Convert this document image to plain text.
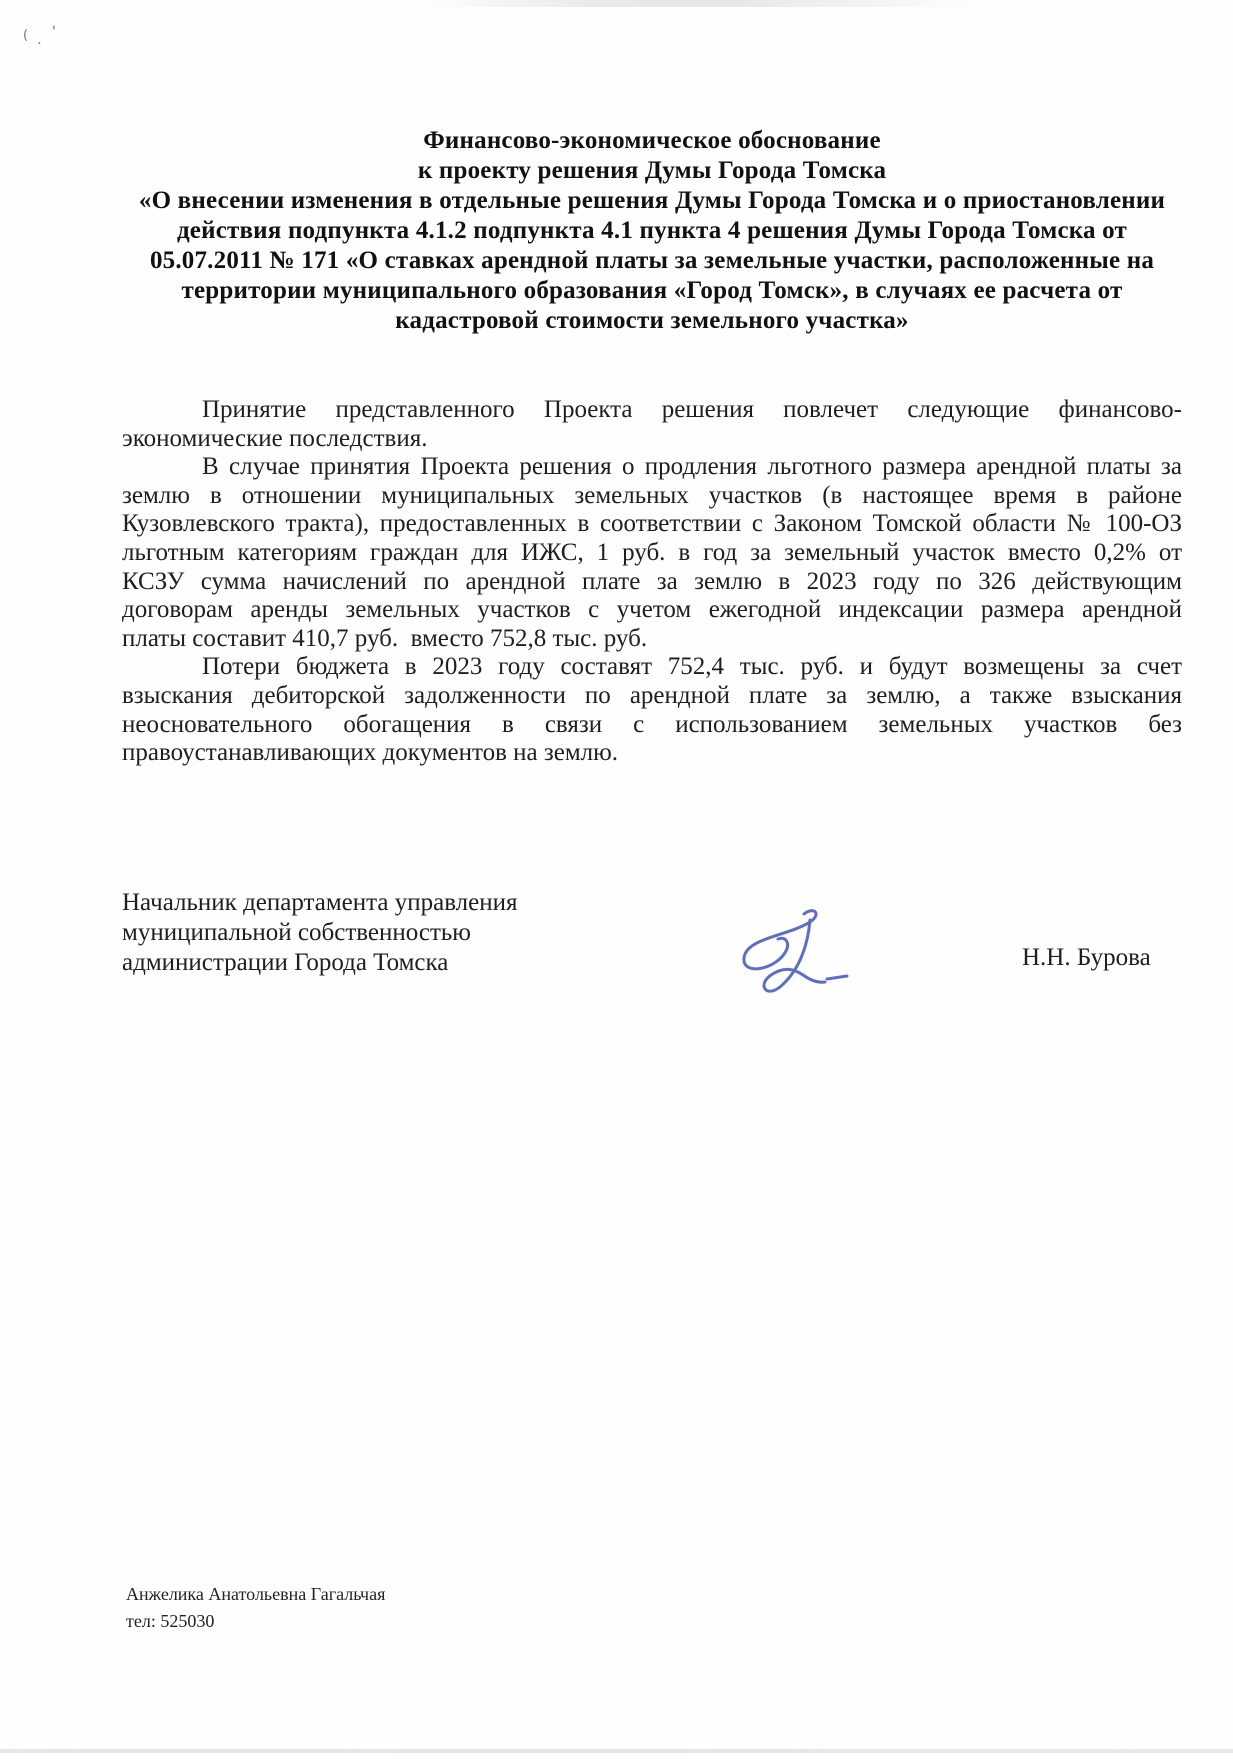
( . '
Финансово-экономическое обоснование
к проекту решения Думы Города Томска
«О внесении изменения в отдельные решения Думы Города Томска и о приостановлении
действия подпункта 4.1.2 подпункта 4.1 пункта 4 решения Думы Города Томска от
05.07.2011 № 171 «О ставках арендной платы за земельные участки, расположенные на
территории муниципального образования «Город Томск», в случаях ее расчета от
кадастровой стоимости земельного участка»
Принятие представленного Проекта решения повлечет следующие финансово-
экономические последствия.
В случае принятия Проекта решения о продления льготного размера арендной платы за
землю в отношении муниципальных земельных участков (в настоящее время в районе
Кузовлевского тракта), предоставленных в соответствии с Законом Томской области № 100-ОЗ
льготным категориям граждан для ИЖС, 1 руб. в год за земельный участок вместо 0,2% от
КСЗУ сумма начислений по арендной плате за землю в 2023 году по 326 действующим
договорам аренды земельных участков с учетом ежегодной индексации размера арендной
платы составит 410,7 руб.  вместо 752,8 тыс. руб.
Потери бюджета в 2023 году составят 752,4 тыс. руб. и будут возмещены за счет
взыскания дебиторской задолженности по арендной плате за землю, а также взыскания
неосновательного обогащения в связи с использованием земельных участков без
правоустанавливающих документов на землю.
Начальник департамента управления
муниципальной собственностью
администрации Города Томска	Н.Н. Бурова
Анжелика Анатольевна Гагальчая
тел: 525030
